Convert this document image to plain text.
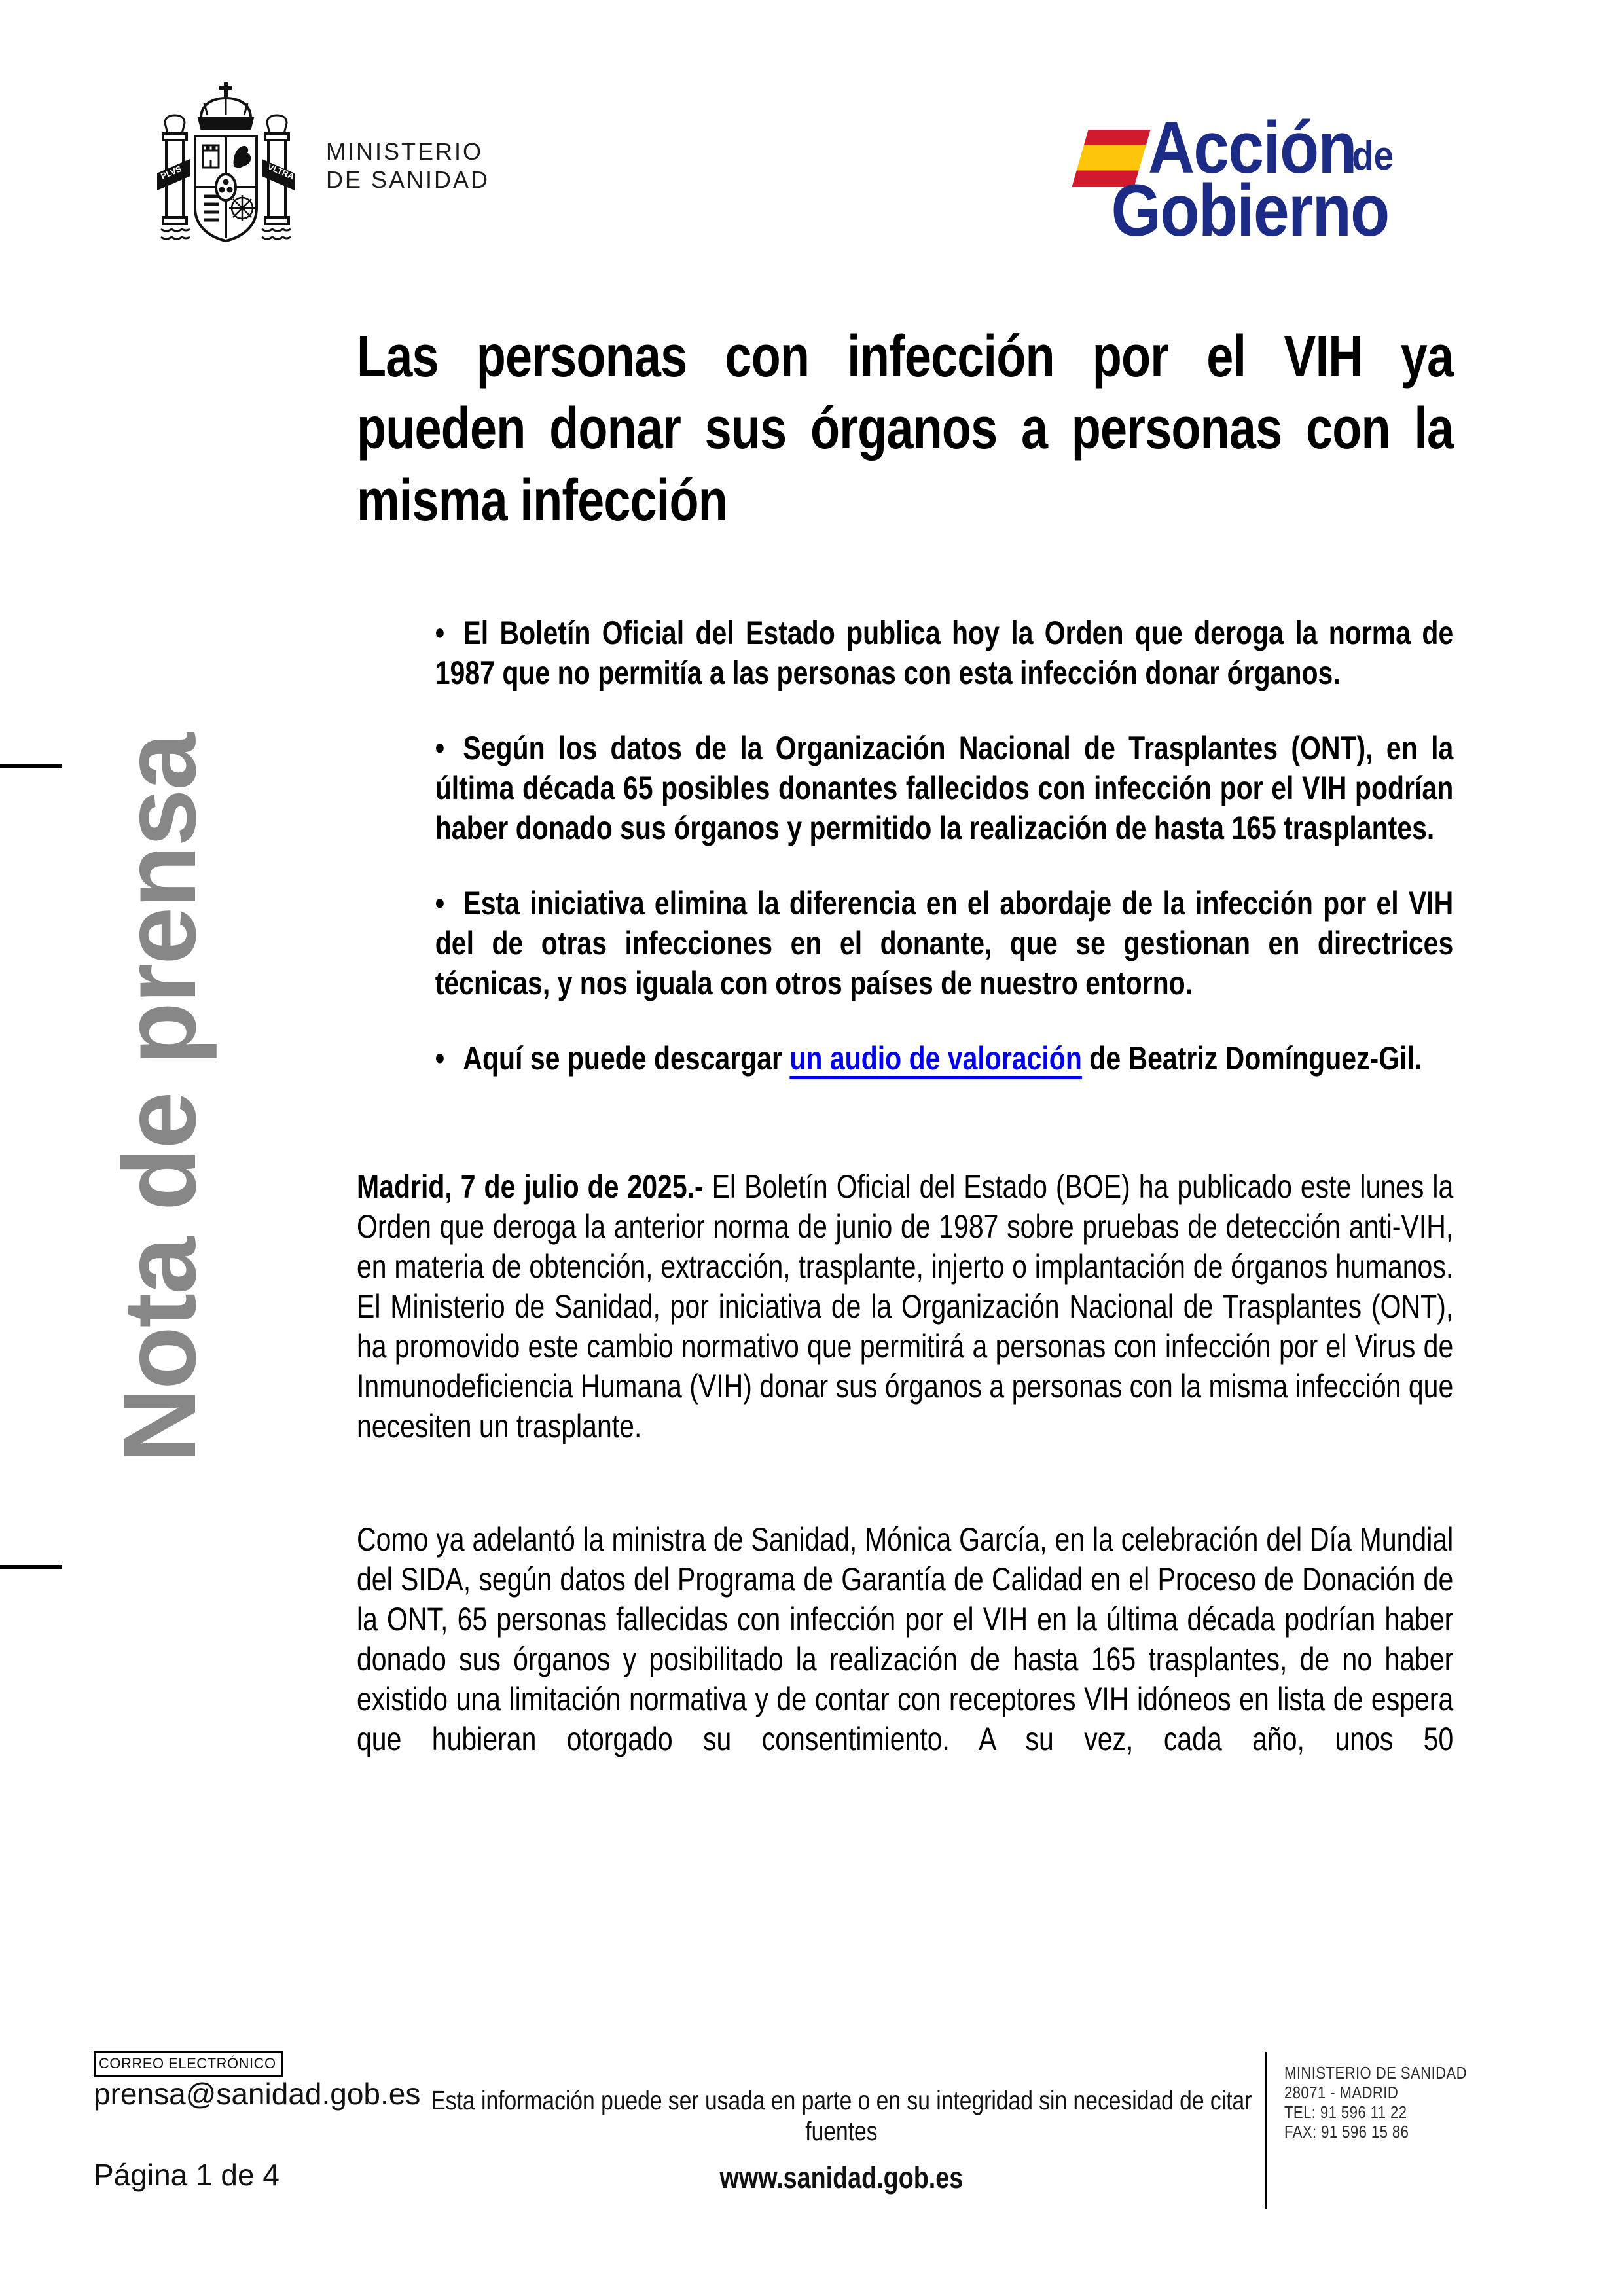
PLVS	VLTRA
MINISTERIO
DE SANIDAD	Acción
de
Gobierno
Nota de prensa
Las personas con infección por el VIH ya
pueden donar sus órganos a personas con la
misma infección
• El Boletín Oficial del Estado publica hoy la Orden que deroga la norma de 1987 que no permitía a las personas con esta infección donar órganos.
• Según los datos de la Organización Nacional de Trasplantes (ONT), en la última década 65 posibles donantes fallecidos con infección por el VIH podrían haber donado sus órganos y permitido la realización de hasta 165 trasplantes.
• Esta iniciativa elimina la diferencia en el abordaje de la infección por el VIH del de otras infecciones en el donante, que se gestionan en directrices técnicas, y nos iguala con otros países de nuestro entorno.
• Aquí se puede descargar un audio de valoración de Beatriz Domínguez-Gil.
Madrid, 7 de julio de 2025.- El Boletín Oficial del Estado (BOE) ha publicado este lunes la Orden que deroga la anterior norma de junio de 1987 sobre pruebas de detección anti-VIH, en materia de obtención, extracción, trasplante, injerto o implantación de órganos humanos. El Ministerio de Sanidad, por iniciativa de la Organización Nacional de Trasplantes (ONT), ha promovido este cambio normativo que permitirá a personas con infección por el Virus de Inmunodeficiencia Humana (VIH) donar sus órganos a personas con la misma infección que necesiten un trasplante.
Como ya adelantó la ministra de Sanidad, Mónica García, en la celebración del Día Mundial del SIDA, según datos del Programa de Garantía de Calidad en el Proceso de Donación de la ONT, 65 personas fallecidas con infección por el VIH en la última década podrían haber donado sus órganos y posibilitado la realización de hasta 165 trasplantes, de no haber existido una limitación normativa y de contar con receptores VIH idóneos en lista de espera que hubieran otorgado su consentimiento. A su vez, cada año, unos 50
CORREO ELECTRÓNICO
prensa@sanidad.gob.es Esta información puede ser usada en parte o en su integridad sin necesidad de citar fuentes
Página 1 de 4	www.sanidad.gob.es
MINISTERIO DE SANIDAD
28071 - MADRID
TEL: 91 596 11 22
FAX: 91 596 15 86
